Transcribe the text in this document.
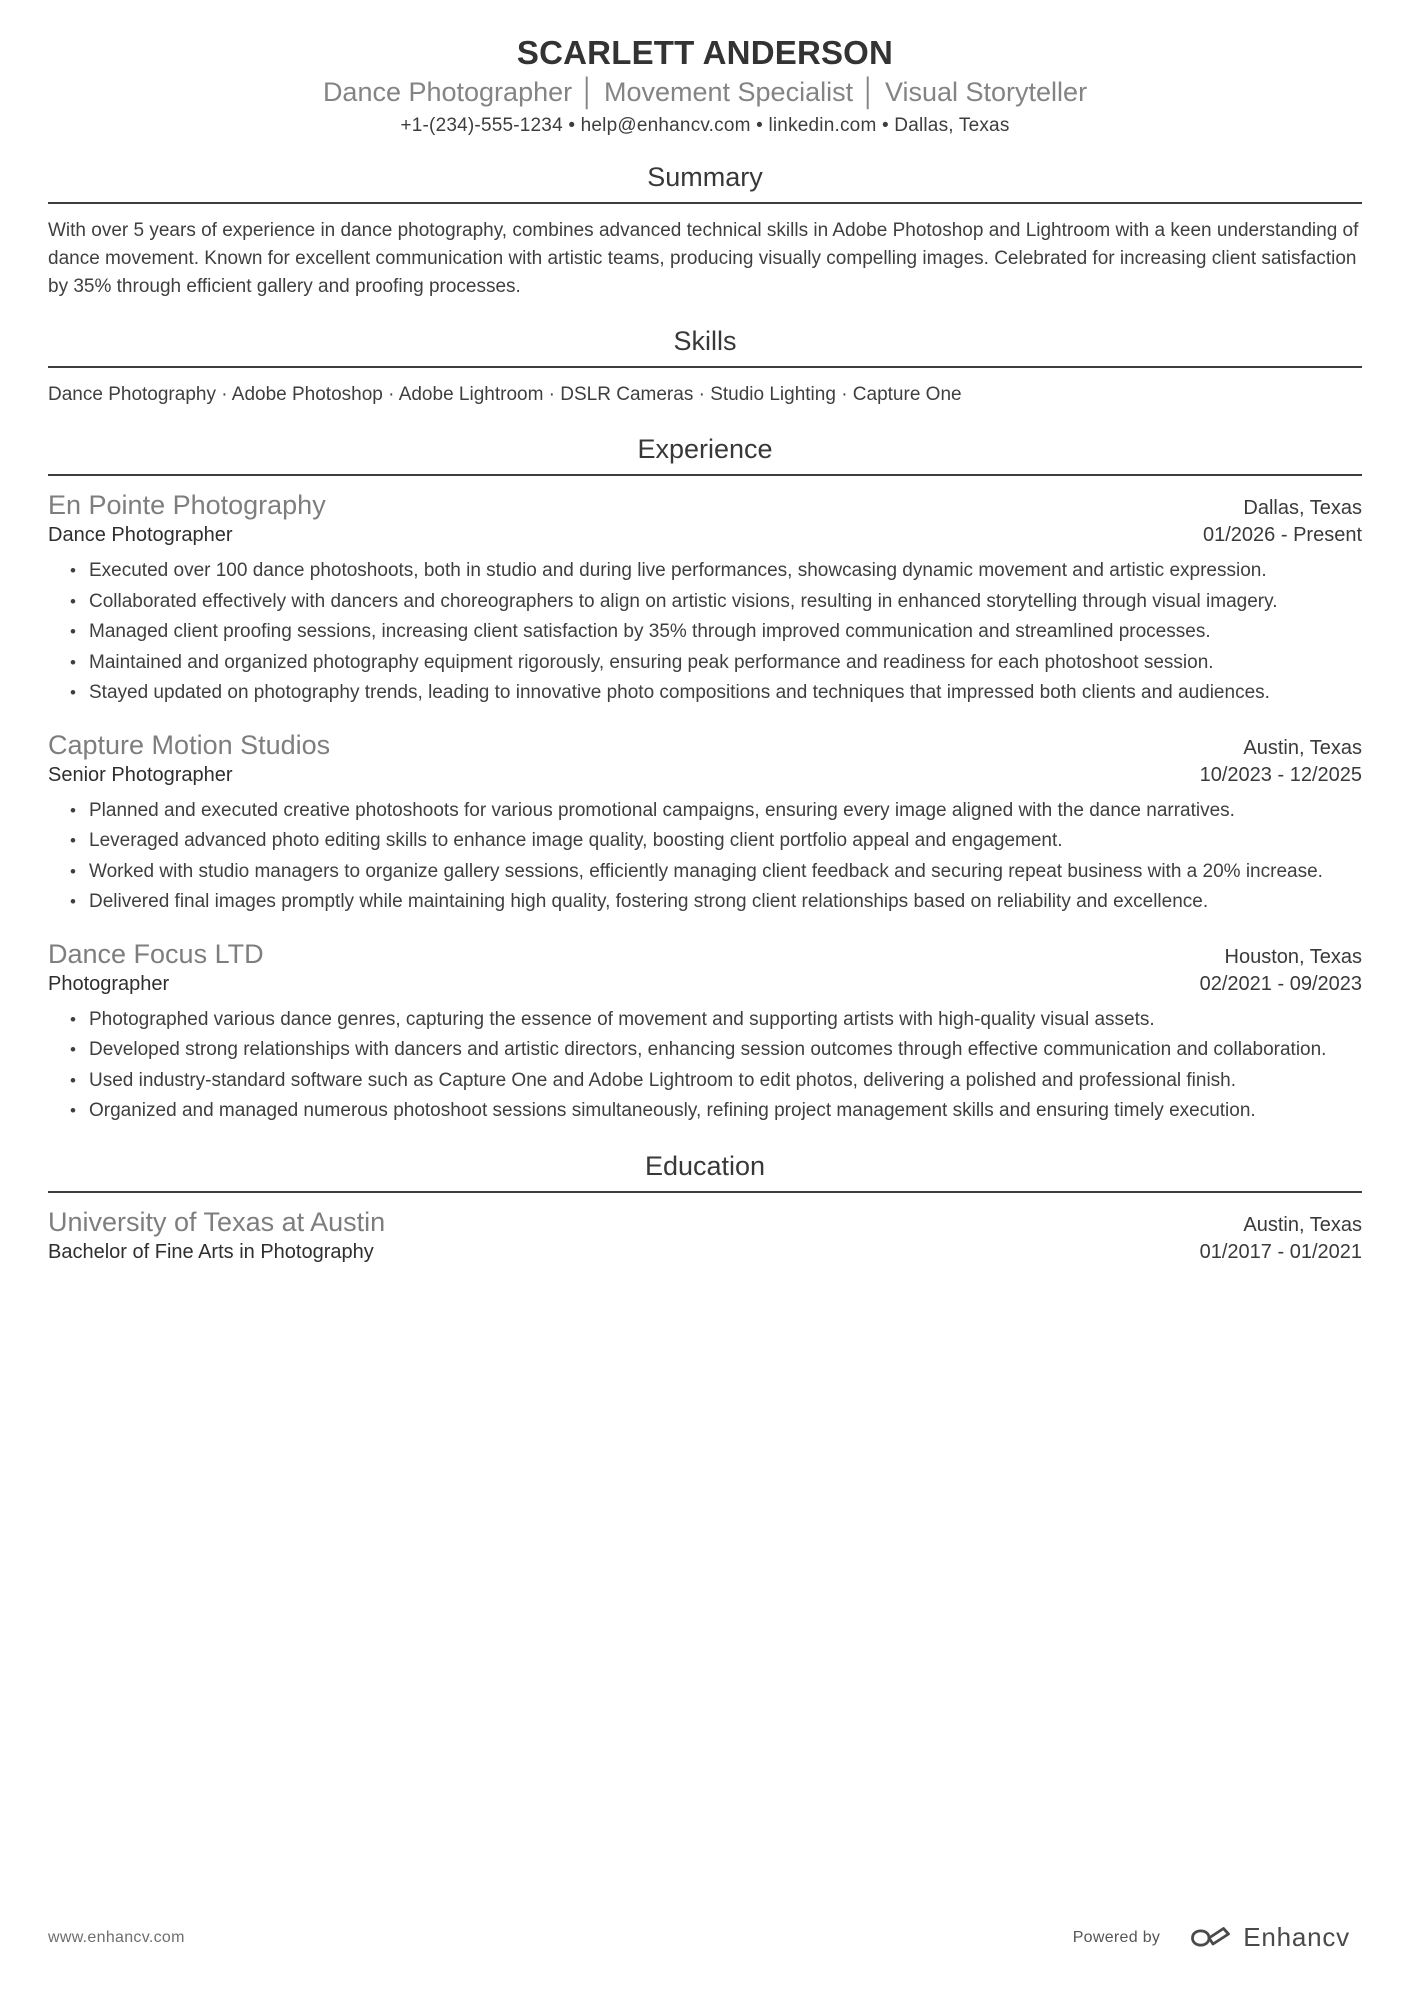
SCARLETT ANDERSON
Dance Photographer │ Movement Specialist │ Visual Storyteller
+1-(234)-555-1234 • help@enhancv.com • linkedin.com • Dallas, Texas
Summary

With over 5 years of experience in dance photography, combines advanced technical skills in Adobe Photoshop and Lightroom with a keen understanding of dance movement. Known for excellent communication with artistic teams, producing visually compelling images. Celebrated for increasing client satisfaction by 35% through efficient gallery and proofing processes.

Skills

Dance Photography · Adobe Photoshop · Adobe Lightroom · DSLR Cameras · Studio Lighting · Capture One

Experience
En Pointe Photography	Dallas, Texas
Dance Photographer	01/2026 - Present
• Executed over 100 dance photoshoots, both in studio and during live performances, showcasing dynamic movement and artistic expression.
• Collaborated effectively with dancers and choreographers to align on artistic visions, resulting in enhanced storytelling through visual imagery.
• Managed client proofing sessions, increasing client satisfaction by 35% through improved communication and streamlined processes.
• Maintained and organized photography equipment rigorously, ensuring peak performance and readiness for each photoshoot session.
• Stayed updated on photography trends, leading to innovative photo compositions and techniques that impressed both clients and audiences.
Capture Motion Studios	Austin, Texas
Senior Photographer	10/2023 - 12/2025
• Planned and executed creative photoshoots for various promotional campaigns, ensuring every image aligned with the dance narratives.
• Leveraged advanced photo editing skills to enhance image quality, boosting client portfolio appeal and engagement.
• Worked with studio managers to organize gallery sessions, efficiently managing client feedback and securing repeat business with a 20% increase.
• Delivered final images promptly while maintaining high quality, fostering strong client relationships based on reliability and excellence.
Dance Focus LTD	Houston, Texas
Photographer	02/2021 - 09/2023
• Photographed various dance genres, capturing the essence of movement and supporting artists with high-quality visual assets.
• Developed strong relationships with dancers and artistic directors, enhancing session outcomes through effective communication and collaboration.
• Used industry-standard software such as Capture One and Adobe Lightroom to edit photos, delivering a polished and professional finish.
• Organized and managed numerous photoshoot sessions simultaneously, refining project management skills and ensuring timely execution.
Education
University of Texas at Austin	Austin, Texas
Bachelor of Fine Arts in Photography	01/2017 - 01/2021
www.enhancv.com	Powered by	Enhancv
